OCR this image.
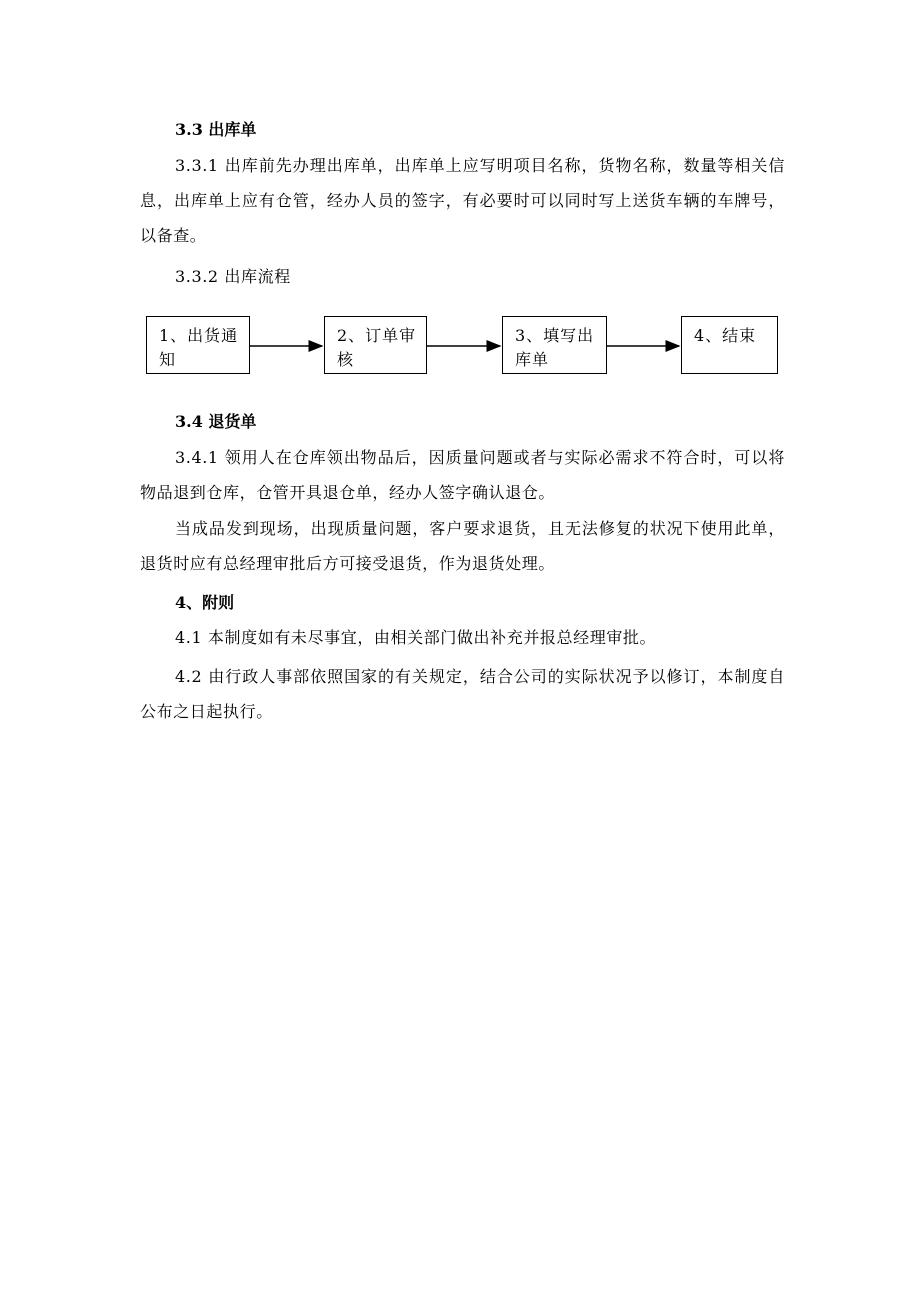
3.3 出库单
3.3.1 出库前先办理出库单，出库单上应写明项目名称，货物名称，数量等相关信息，出库单上应有仓管，经办人员的签字，有必要时可以同时写上送货车辆的车牌号，以备查。
3.3.2 出库流程
1、出货通知
2、订单审核
3、填写出库单
4、结束
3.4 退货单
3.4.1 领用人在仓库领出物品后，因质量问题或者与实际必需求不符合时，可以将物品退到仓库，仓管开具退仓单，经办人签字确认退仓。
当成品发到现场，出现质量问题，客户要求退货，且无法修复的状况下使用此单，退货时应有总经理审批后方可接受退货，作为退货处理。
4、附则
4.1 本制度如有未尽事宜，由相关部门做出补充并报总经理审批。
4.2 由行政人事部依照国家的有关规定，结合公司的实际状况予以修订，本制度自公布之日起执行。
